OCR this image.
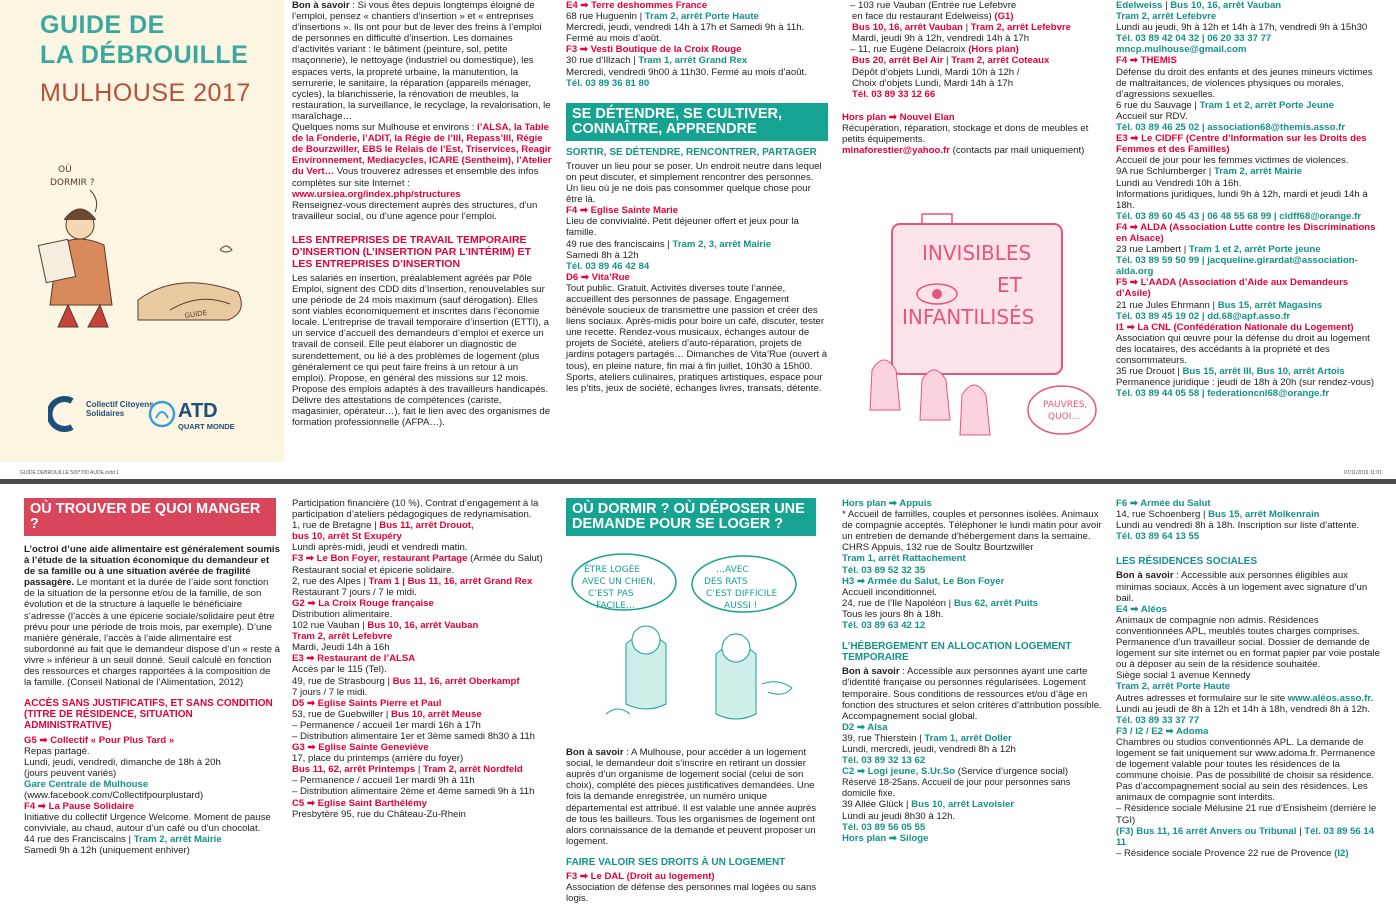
GUIDE DE
LA DÉBROUILLE
MULHOUSE 2017
OÙ
DORMIR ?
GUIDE
Collectif Citoyens Solidaires	ATD
QUART MONDE

Bon à savoir : Si vous êtes depuis longtemps éloigné de l’emploi, pensez « chantiers d’insertion » et « entreprises d’insertions ». Ils ont pour but de lever des freins à l’emploi de personnes en difficulté d’insertion. Les domaines d’activités variant : le bâtiment (peinture, sol, petite maçonnerie), le nettoyage (industriel ou domestique), les espaces verts, la propreté urbaine, la manutention, la serrurerie, le sanitaire, la réparation (appareils ménager, cycles), la blanchisserie, la rénovation de meubles, la restauration, la surveillance, le recyclage, la revalorisation, le maraîchage…

Quelques noms sur Mulhouse et environs : l’ALSA, la Table de la Fonderie, l’ADIT, la Régie de l’Ill, Repass’Ill, Régie de Bourzwiller, EBS le Relais de l’Est, Triservices, Reagir Environnement, Mediacycles, ICARE (Sentheim), l’Atelier du Vert… Vous trouverez adresses et ensemble des infos complètes sur site Internet : www.ursiea.org/index.php/structures

Renseignez-vous directement auprès des structures, d’un travailleur social, ou d’une agence pour l’emploi.

LES ENTREPRISES DE TRAVAIL TEMPORAIRE D’INSERTION (L’INSERTION PAR L’INTÉRIM) ET LES ENTREPRISES D’INSERTION

Les salariés en insertion, préalablement agréés par Pôle Emploi, signent des CDD dits d’Insertion, renouvelables sur une période de 24 mois maximum (sauf dérogation). Elles sont viables économiquement et inscrites dans l’économie locale. L’entreprise de travail temporaire d’insertion (ETTI), a un service d’accueil des demandeurs d’emploi et exerce un travail de conseil. Elle peut élaborer un diagnostic de surendettement, ou lié à des problèmes de logement (plus généralement ce qui peut faire freins à un retour à un emploi). Propose, en général des missions sur 12 mois. Propose des emplois adaptés à des travailleurs handicapés. Délivre des attestations de compétences (cariste, magasinier, opérateur…), fait le lien avec des organismes de formation professionnelle (AFPA…).

E4 ➡ Terre deshommes France

68 rue Huguenin | Tram 2, arrêt Porte Haute

Mercredi, jeudi, vendredi 14h à 17h et Samedi 9h à 11h. Fermé au mois d’août.

F3 ➡ Vesti Boutique de la Croix Rouge

30 rue d’Illzach | Tram 1, arrêt Grand Rex

Mercredi, vendredi 9h00 à 11h30. Fermé au mois d’août.

Tél. 03 89 36 81 80

SE DÉTENDRE, SE CULTIVER, CONNAÎTRE, APPRENDRE
SORTIR, SE DÉTENDRE, RENCONTRER, PARTAGER

Trouver un lieu pour se poser. Un endroit neutre dans lequel on peut discuter, et simplement rencontrer des personnes. Un lieu où je ne dois pas consommer quelque chose pour être là.

F4 ➡ Eglise Sainte Marie

Lieu de convivialité. Petit déjeuner offert et jeux pour la famille.

49 rue des franciscains | Tram 2, 3, arrêt Mairie

Samedi 8h à 12h

Tél. 03 89 46 42 84

D6 ➡ Vita’Rue

Tout public. Gratuit. Activités diverses toute l’année, accueillent des personnes de passage. Engagement bénévole soucieux de transmettre une passion et créer des liens sociaux. Après-midis pour boire un café, discuter, tester une recette. Rendez-vous musicaux, échanges autour de projets de Société, ateliers d’auto-réparation, projets de jardins potagers partagés… Dimanches de Vita’Rue (ouvert à tous), en pleine nature, fin mai à fin juillet, 10h30 à 15h00. Sports, ateliers culinaires, pratiques artistiques, espace pour les p’tits, jeux de société, échanges livres, transats, détente.

– 103 rue Vauban (Entrée rue Lefebvre

en face du restaurant Edelweiss) (G1)

Bus 10, 16, arrêt Vauban | Tram 2, arrêt Lefebvre

Mardi, jeudi 9h à 12h, vendredi 14h à 17h

– 11, rue Eugène Delacroix (Hors plan)

Bus 20, arrêt Bel Air | Tram 2, arrêt Coteaux

Dépôt d’objets Lundi, Mardi 10h à 12h /

Choix d’objets Lundi, Mardi 14h à 17h

Tél. 03 89 33 12 66

Hors plan ➡ Nouvel Elan

Récupération, réparation, stockage et dons de meubles et petits équipements.

minaforestier@yahoo.fr (contacts par mail uniquement)

INVISIBLES
ET
INFANTILISÉS
PAUVRES,
QUOI…

Edelweiss | Bus 10, 16, arrêt Vauban

Tram 2, arrêt Lefebvre

Lundi au jeudi, 9h à 12h et 14h à 17h, vendredi 9h à 15h30

Tél. 03 89 42 04 32 | 06 20 33 37 77

mncp.mulhouse@gmail.com

F4 ➡ THEMIS

Défense du droit des enfants et des jeunes mineurs victimes de maltraitances, de violences physiques ou morales, d’agressions sexuelles.

6 rue du Sauvage | Tram 1 et 2, arrêt Porte Jeune

Accueil sur RDV.

Tél. 03 89 46 25 02 | association68@themis.asso.fr

E3 ➡ Le CIDFF (Centre d’Information sur les Droits des Femmes et des Familles)

Accueil de jour pour les femmes victimes de violences.

9A rue Schlumberger | Tram 2, arrêt Mairie

Lundi au Vendredi 10h à 16h.

Informations juridiques, lundi 9h à 12h, mardi et jeudi 14h à 18h.

Tél. 03 89 60 45 43 | 06 48 55 68 99 | cidff68@orange.fr

F4 ➡ ALDA (Association Lutte contre les Discriminations en Alsace)

23 rue Lambert | Tram 1 et 2, arrêt Porte jeune

Tél. 03 89 59 50 99 | jacqueline.girardat@association-alda.org

F5 ➡ L’AADA (Association d’Aide aux Demandeurs d’Asile)

21 rue Jules Ehrmann | Bus 15, arrêt Magasins

Tél. 03 89 45 19 02 | dd.68@apf.asso.fr

I1 ➡ La CNL (Confédération Nationale du Logement)

Association qui œuvre pour la défense du droit au logement des locataires, des accédants à la propriété et des consommateurs.

35 rue Drouot | Bus 15, arrêt III, Bus 10, arrêt Artois

Permanence juridique : jeudi de 18h à 20h (sur rendez-vous)

Tél. 03 89 44 05 58 | federationcnl68@orange.fr

GUIDE DEBROUILLE 500*700 AUDE.indd 1	07/11/2016 11:01
OÙ TROUVER DE QUOI MANGER ?

L’octroi d’une aide alimentaire est généralement soumis à l’étude de la situation économique du demandeur et de sa famille ou à une situation avérée de fragilité passagère. Le montant et la durée de l’aide sont fonction de la situation de la personne et/ou de la famille, de son évolution et de la structure à laquelle le bénéficiaire s’adresse (l’accès à une épicerie sociale/solidaire peut être prévu pour une période de trois mois, par exemple). D’une manière générale, l’accès à l’aide alimentaire est subordonné au fait que le demandeur dispose d’un « reste à vivre » inférieur à un seuil donné. Seuil calculé en fonction des ressources et charges rapportées à la composition de la famille. (Conseil National de l’Alimentation, 2012)

ACCÈS SANS JUSTIFICATIFS, ET SANS CONDITION (TITRE DE RÉSIDENCE, SITUATION ADMINISTRATIVE)

G5 ➡ Collectif « Pour Plus Tard »

Repas partagé.

Lundi, jeudi, vendredi, dimanche de 18h à 20h

(jours peuvent variés)

Gare Centrale de Mulhouse

(www.facebook.com/Collectifpourplustard)

F4 ➡ La Pause Solidaire

Initiative du collectif Urgence Welcome. Moment de pause conviviale, au chaud, autour d’un café ou d’un chocolat.

44 rue des Franciscains | Tram 2, arrêt Mairie

Samedi 9h à 12h (uniquement enhiver)

Participation financière (10 %). Contrat d’engagement à la participation d’ateliers pédagogiques de redynamisation.

1, rue de Bretagne | Bus 11, arrêt Drouot,

bus 10, arrêt St Exupéry

Lundi après-midi, jeudi et vendredi matin.

F3 ➡ Le Bon Foyer, restaurant Partage (Armée du Salut)

Restaurant social et épicerie solidaire.

2, rue des Alpes | Tram 1 | Bus 11, 16, arrêt Grand Rex

Restaurant 7 jours / 7 le midi.

G2 ➡ La Croix Rouge française

Distribution alimentaire.

102 rue Vauban | Bus 10, 16, arrêt Vauban

Tram 2, arrêt Lefebvre

Mardi, Jeudi 14h à 16h

E3 ➡ Restaurant de l’ALSA

Accès par le 115 (Tel).

49, rue de Strasbourg | Bus 11, 16, arrêt Oberkampf

7 jours / 7 le midi.

D5 ➡ Eglise Saints Pierre et Paul

53, rue de Guebwiller | Bus 10, arrêt Meuse

– Permanence / accueil 1er mardi 16h à 17h

– Distribution alimentaire 1er et 3ème samedi 8h30 à 11h

G3 ➡ Eglise Sainte Geneviève

17, place du printemps (arrière du foyer)

Bus 11, 62, arrêt Printemps | Tram 2, arrêt Nordfeld

– Permanence / accueil 1er mardi 9h à 11h

– Distribution alimentaire 2ème et 4ème samedi 9h à 11h

C5 ➡ Eglise Saint Barthélémy

Presbytère 95, rue du Château-Zu-Rhein

OÙ DORMIR ? OÙ DÉPOSER UNE DEMANDE POUR SE LOGER ?
ÊTRE LOGÉE
AVEC UN CHIEN,
C’EST PAS
FACILE…
…AVEC
DES RATS
C’EST DIFFICILE
AUSSI !

Bon à savoir : A Mulhouse, pour accéder à un logement social, le demandeur doit s’inscrire en retirant un dossier auprès d’un organisme de logement social (celui de son choix), complété des pièces justificatives demandées. Une fois la demande enregistrée, un numéro unique départemental est attribué. Il est valable une année auprès de tous les bailleurs. Tous les organismes de logement ont alors connaissance de la demande et peuvent proposer un logement.

FAIRE VALOIR SES DROITS À UN LOGEMENT

F3 ➡ Le DAL (Droit au logement)

Association de défense des personnes mal logées ou sans logis.

Hors plan ➡ Appuis

* Accueil de familles, couples et personnes isolées. Animaux de compagnie acceptés. Téléphoner le lundi matin pour avoir un entretien de demande d’hébergement dans la semaine.

CHRS Appuis, 132 rue de Soultz Bourtzwiller

Tram 1, arrêt Rattachement

Tél. 03 89 52 32 35

H3 ➡ Armée du Salut, Le Bon Foyer

Accueil inconditionnel.

24, rue de l’Ile Napoléon | Bus 62, arrêt Puits

Tous les jours 8h à 18h.

Tél. 03 89 63 42 12

L’HÉBERGEMENT EN ALLOCATION LOGEMENT TEMPORAIRE

Bon à savoir : Accessible aux personnes ayant une carte d’identité française ou personnes régularisées. Logement temporaire. Sous conditions de ressources et/ou d’âge en fonction des structures et selon critères d’attribution possible. Accompagnement social global.

D2 ➡ Alsa

39, rue Thierstein | Tram 1, arrêt Doller

Lundi, mercredi, jeudi, vendredi 8h à 12h

Tél. 03 89 32 13 62

C2 ➡ Logi jeune, S.Ur.So (Service d’urgence social)

Réservé 18-25ans. Accueil de jour pour personnes sans domicile fixe.

39 Allée Glück | Bus 10, arrêt Lavoisier

Lundi au jeudi 8h30 à 12h.

Tél. 03 89 56 05 55

Hors plan ➡ Siloge

F6 ➡ Armée du Salut

14, rue Schoenberg | Bus 15, arrêt Molkenrain

Lundi au vendredi 8h à 18h. Inscription sur liste d’attente.

Tél. 03 89 64 13 55

LES RÉSIDENCES SOCIALES

Bon à savoir : Accessible aux personnes éligibles aux minimas sociaux. Accès à un logement avec signature d’un bail.

E4 ➡ Aléos

Animaux de compagnie non admis. Résidences conventionnées APL, meublés toutes charges comprises. Permanence d’un travailleur social. Dossier de demande de logement sur site internet ou en format papier par voie postale ou à déposer au sein de la résidence souhaitée.

Siège social 1 avenue Kennedy

Tram 2, arrêt Porte Haute

Autres adresses et formulaire sur le site www.aléos.asso.fr.

Lundi au jeudi de 8h à 12h et 14h à 18h, vendredi 8h à 12h.

Tél. 03 89 33 37 77

F3 / I2 / E2 ➡ Adoma

Chambres ou studios conventionnés APL. La demande de logement se fait uniquement sur www.adoma.fr. Permanence de logement valable pour toutes les résidences de la commune choisie. Pas de possibilité de choisir sa résidence. Pas d’accompagnement social au sein des résidences. Les animaux de compagnie sont interdits.

– Résidence sociale Mélusine 21 rue d’Ensisheim (derrière le TGI)

(F3) Bus 11, 16 arrêt Anvers ou Tribunal | Tél. 03 89 56 14 11

– Résidence sociale Provence 22 rue de Provence (I2)
